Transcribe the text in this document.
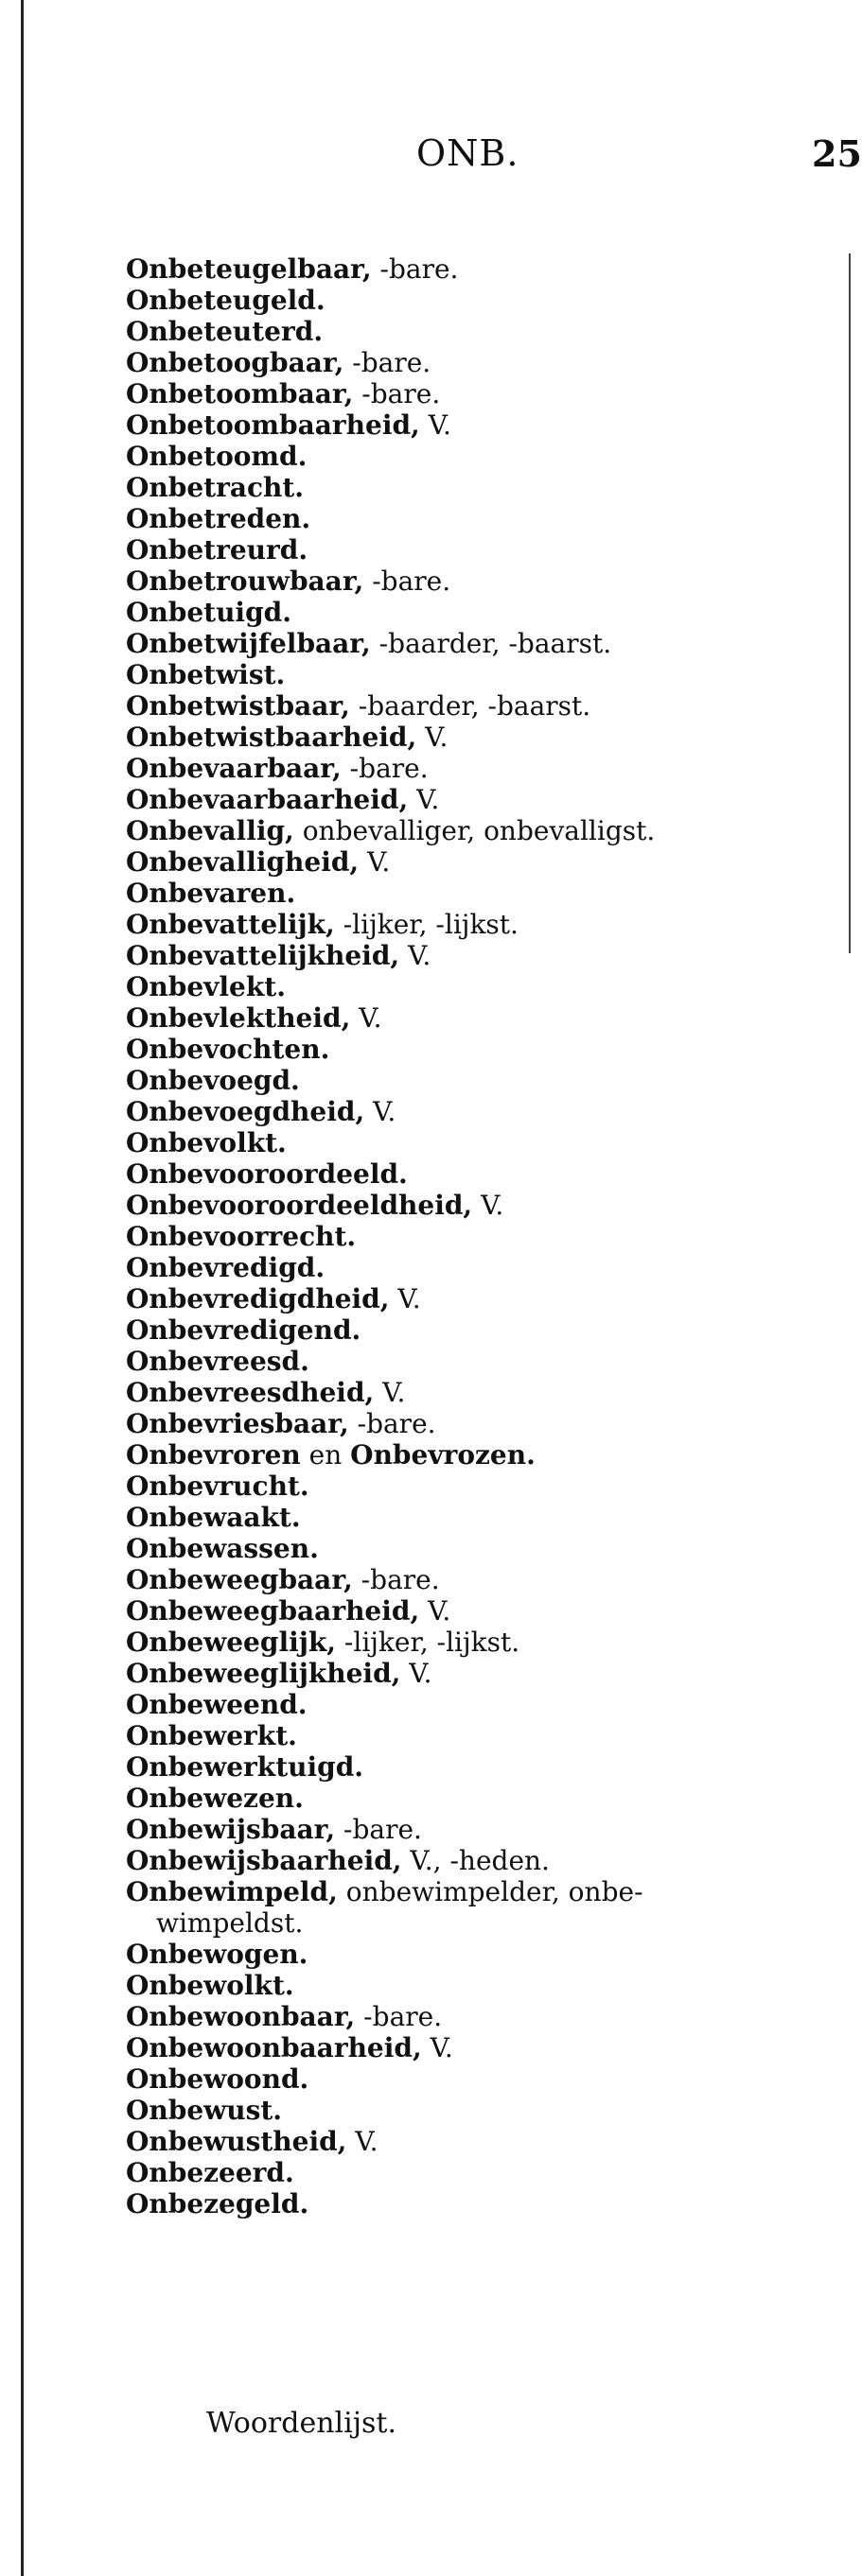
ONB.	25
Onbeteugelbaar, -bare.
Onbeteugeld.
Onbeteuterd.
Onbetoogbaar, -bare.
Onbetoombaar, -bare.
Onbetoombaarheid, V.
Onbetoomd.
Onbetracht.
Onbetreden.
Onbetreurd.
Onbetrouwbaar, -bare.
Onbetuigd.
Onbetwijfelbaar, -baarder, -baarst.
Onbetwist.
Onbetwistbaar, -baarder, -baarst.
Onbetwistbaarheid, V.
Onbevaarbaar, -bare.
Onbevaarbaarheid, V.
Onbevallig, onbevalliger, onbevalligst.
Onbevalligheid, V.
Onbevaren.
Onbevattelijk, -lijker, -lijkst.
Onbevattelijkheid, V.
Onbevlekt.
Onbevlektheid, V.
Onbevochten.
Onbevoegd.
Onbevoegdheid, V.
Onbevolkt.
Onbevooroordeeld.
Onbevooroordeeldheid, V.
Onbevoorrecht.
Onbevredigd.
Onbevredigdheid, V.
Onbevredigend.
Onbevreesd.
Onbevreesdheid, V.
Onbevriesbaar, -bare.
Onbevroren en Onbevrozen.
Onbevrucht.
Onbewaakt.
Onbewassen.
Onbeweegbaar, -bare.
Onbeweegbaarheid, V.
Onbeweeglijk, -lijker, -lijkst.
Onbeweeglijkheid, V.
Onbeweend.
Onbewerkt.
Onbewerktuigd.
Onbewezen.
Onbewijsbaar, -bare.
Onbewijsbaarheid, V., -heden.
Onbewimpeld, onbewimpelder, onbe-
wimpeldst.
Onbewogen.
Onbewolkt.
Onbewoonbaar, -bare.
Onbewoonbaarheid, V.
Onbewoond.
Onbewust.
Onbewustheid, V.
Onbezeerd.
Onbezegeld.
Woordenlijst.
